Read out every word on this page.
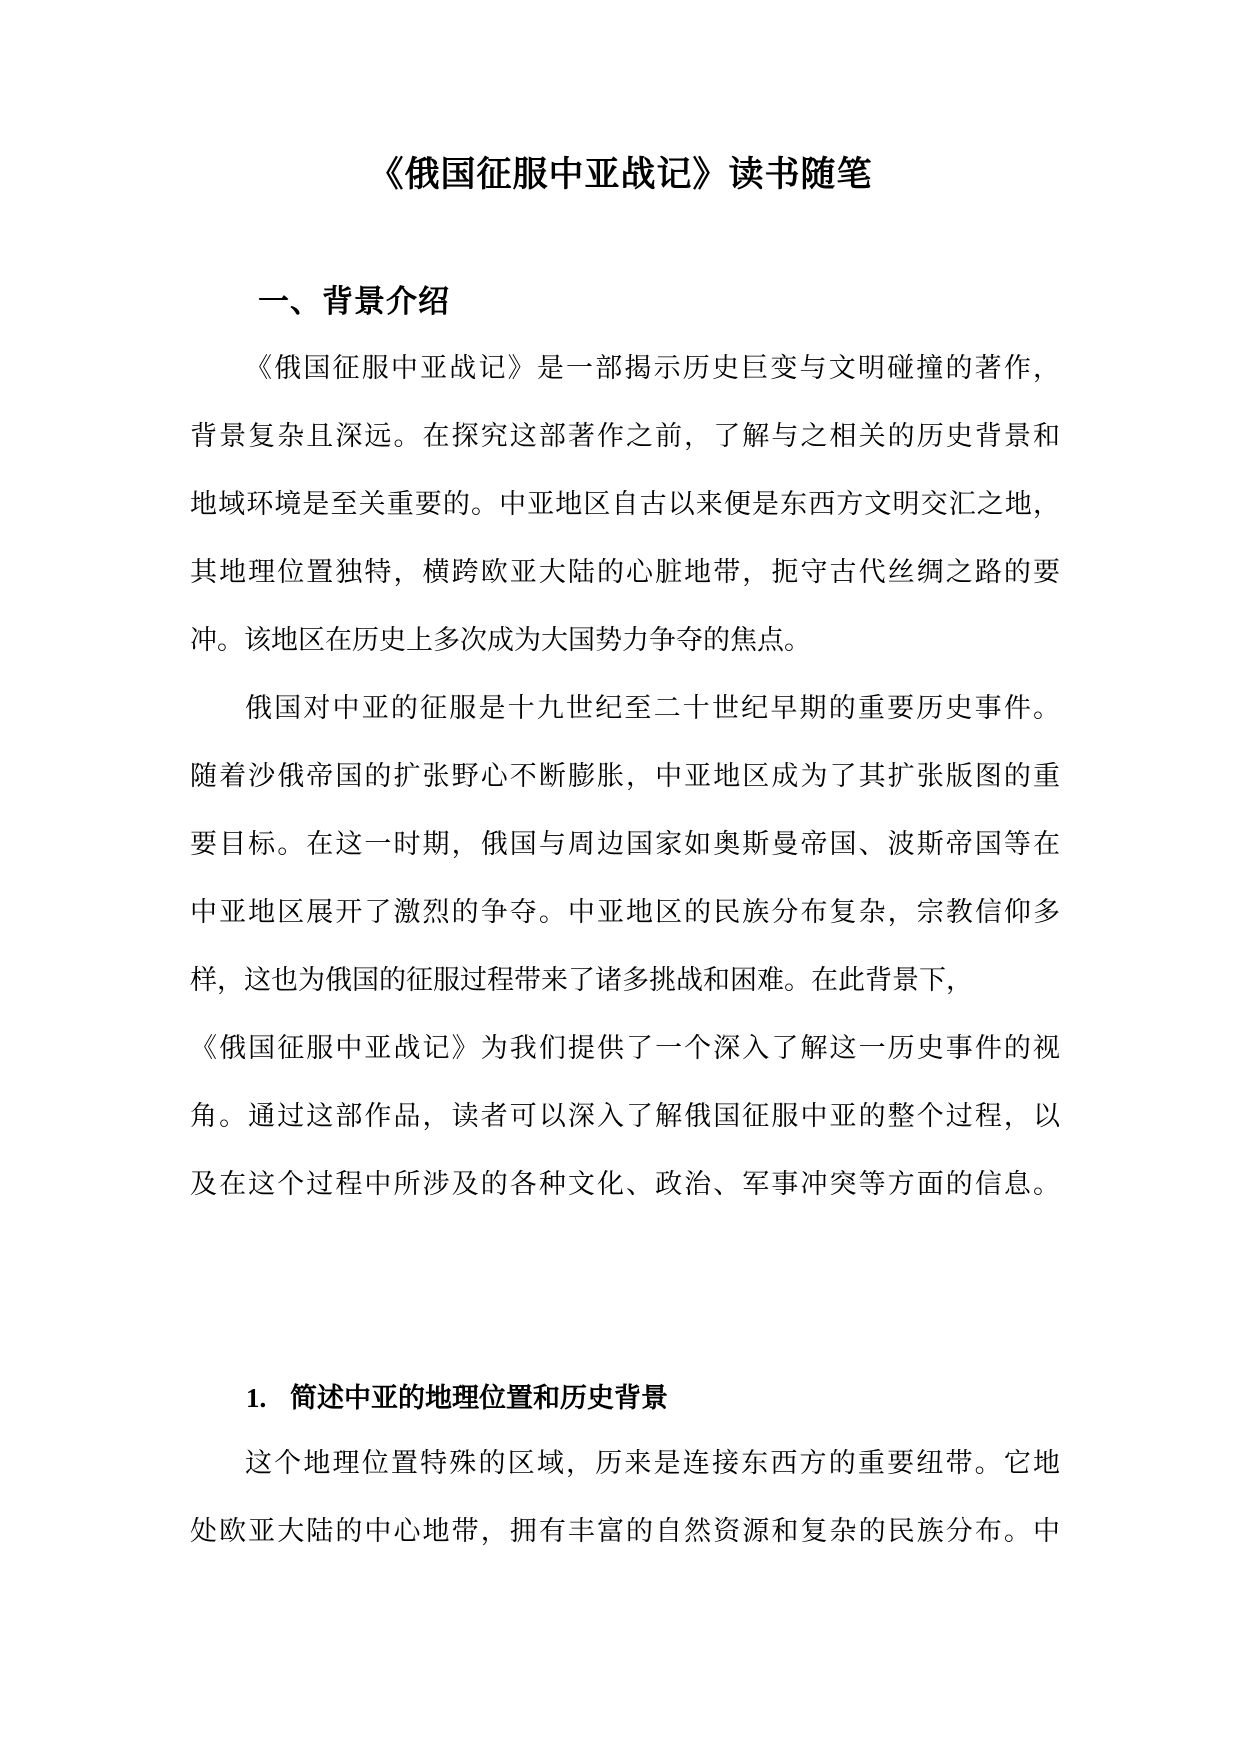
《俄国征服中亚战记》读书随笔
一、背景介绍
《俄国征服中亚战记》是一部揭示历史巨变与文明碰撞的著作，
背景复杂且深远。在探究这部著作之前，了解与之相关的历史背景和
地域环境是至关重要的。中亚地区自古以来便是东西方文明交汇之地，
其地理位置独特，横跨欧亚大陆的心脏地带，扼守古代丝绸之路的要
冲。该地区在历史上多次成为大国势力争夺的焦点。
俄国对中亚的征服是十九世纪至二十世纪早期的重要历史事件。
随着沙俄帝国的扩张野心不断膨胀，中亚地区成为了其扩张版图的重
要目标。在这一时期，俄国与周边国家如奥斯曼帝国、波斯帝国等在
中亚地区展开了激烈的争夺。中亚地区的民族分布复杂，宗教信仰多
样，这也为俄国的征服过程带来了诸多挑战和困难。在此背景下，
《俄国征服中亚战记》为我们提供了一个深入了解这一历史事件的视
角。通过这部作品，读者可以深入了解俄国征服中亚的整个过程，以
及在这个过程中所涉及的各种文化、政治、军事冲突等方面的信息。
1. 简述中亚的地理位置和历史背景
这个地理位置特殊的区域，历来是连接东西方的重要纽带。它地
处欧亚大陆的中心地带，拥有丰富的自然资源和复杂的民族分布。中
